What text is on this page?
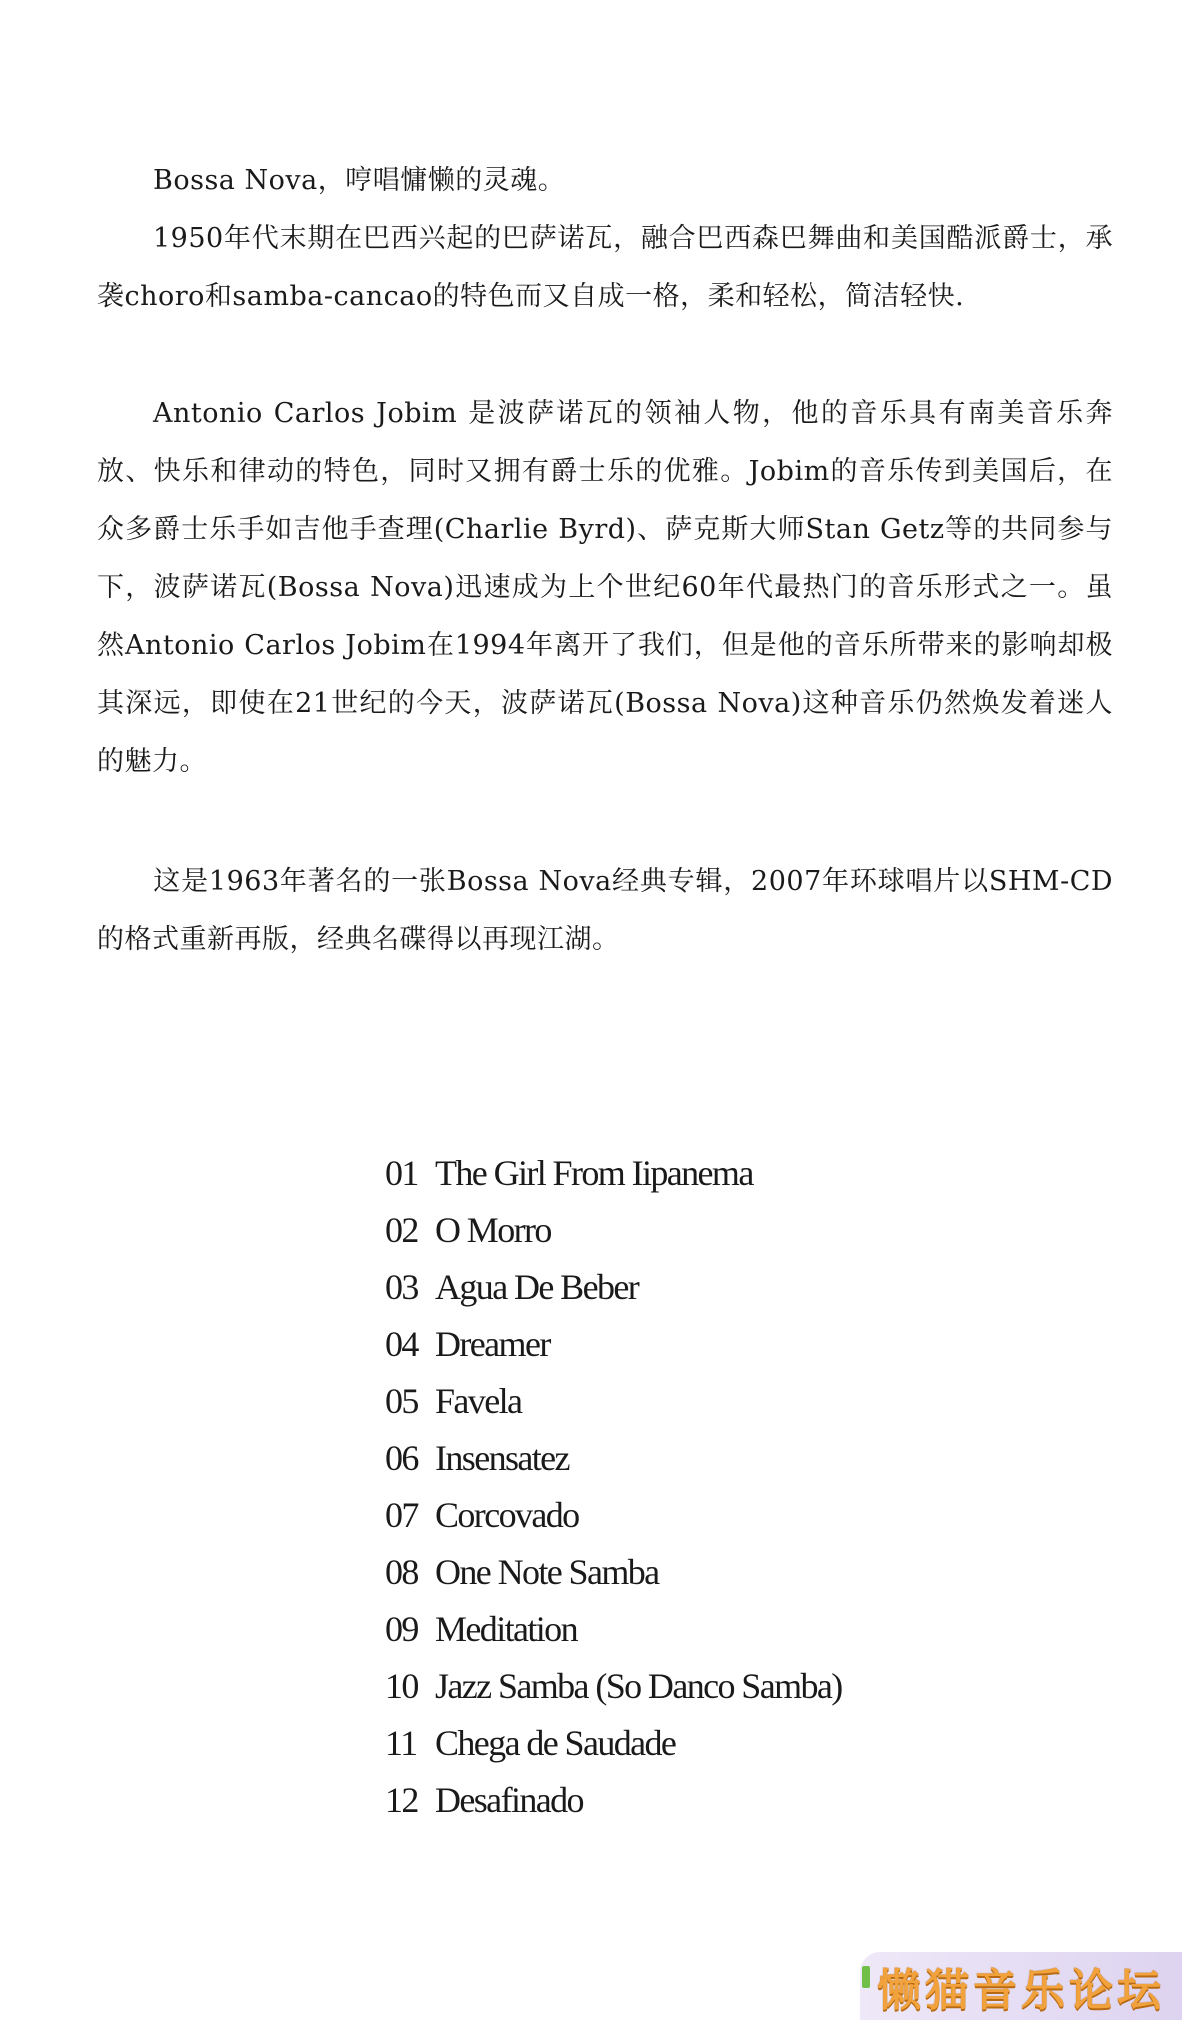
Bossa Nova，哼唱慵懒的灵魂。

1950年代末期在巴西兴起的巴萨诺瓦，融合巴西森巴舞曲和美国酷派爵士，承袭choro和samba-cancao的特色而又自成一格，柔和轻松，简洁轻快.

Antonio Carlos Jobim 是波萨诺瓦的领袖人物，他的音乐具有南美音乐奔放、快乐和律动的特色，同时又拥有爵士乐的优雅。Jobim的音乐传到美国后，在众多爵士乐手如吉他手查理(Charlie Byrd)、萨克斯大师Stan Getz等的共同参与下，波萨诺瓦(Bossa Nova)迅速成为上个世纪60年代最热门的音乐形式之一。虽然Antonio Carlos Jobim在1994年离开了我们，但是他的音乐所带来的影响却极其深远，即使在21世纪的今天，波萨诺瓦(Bossa Nova)这种音乐仍然焕发着迷人的魅力。

这是1963年著名的一张Bossa Nova经典专辑，2007年环球唱片以SHM-CD的格式重新再版，经典名碟得以再现江湖。

01 The Girl From Iipanema
02 O Morro
03 Agua De Beber
04 Dreamer
05 Favela
06 Insensatez
07 Corcovado
08 One Note Samba
09 Meditation
10 Jazz Samba (So Danco Samba)
11 Chega de Saudade
12 Desafinado
懒猫音乐论坛
